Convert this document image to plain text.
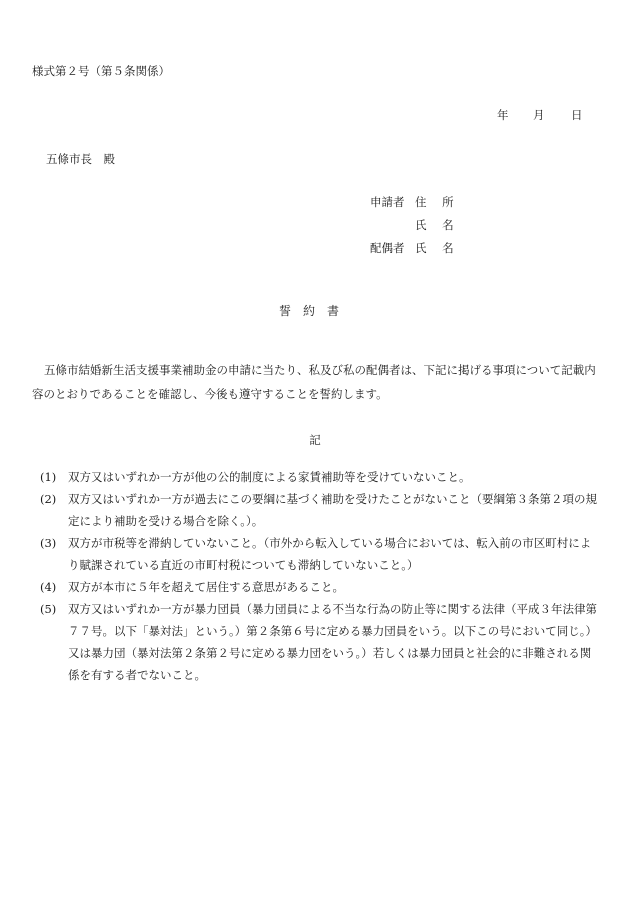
様式第２号（第５条関係）
年 月 日
五條市長　殿
申請者 住 所
氏 名
配偶者 氏 名
誓約書
五條市結婚新生活支援事業補助金の申請に当たり、私及び私の配偶者は、下記に掲げる事項について記載内容のとおりであることを確認し、今後も遵守することを誓約します。
記
(1) 双方又はいずれか一方が他の公的制度による家賃補助等を受けていないこと。
(2) 双方又はいずれか一方が過去にこの要綱に基づく補助を受けたことがないこと（要綱第３条第２項の規定により補助を受ける場合を除く。）。
(3) 双方が市税等を滞納していないこと。（市外から転入している場合においては、転入前の市区町村により賦課されている直近の市町村税についても滞納していないこと。）
(4) 双方が本市に５年を超えて居住する意思があること。
(5) 双方又はいずれか一方が暴力団員（暴力団員による不当な行為の防止等に関する法律（平成３年法律第７７号。以下「暴対法」という。）第２条第６号に定める暴力団員をいう。以下この号において同じ。）又は暴力団（暴対法第２条第２号に定める暴力団をいう。）若しくは暴力団員と社会的に非難される関係を有する者でないこと。
